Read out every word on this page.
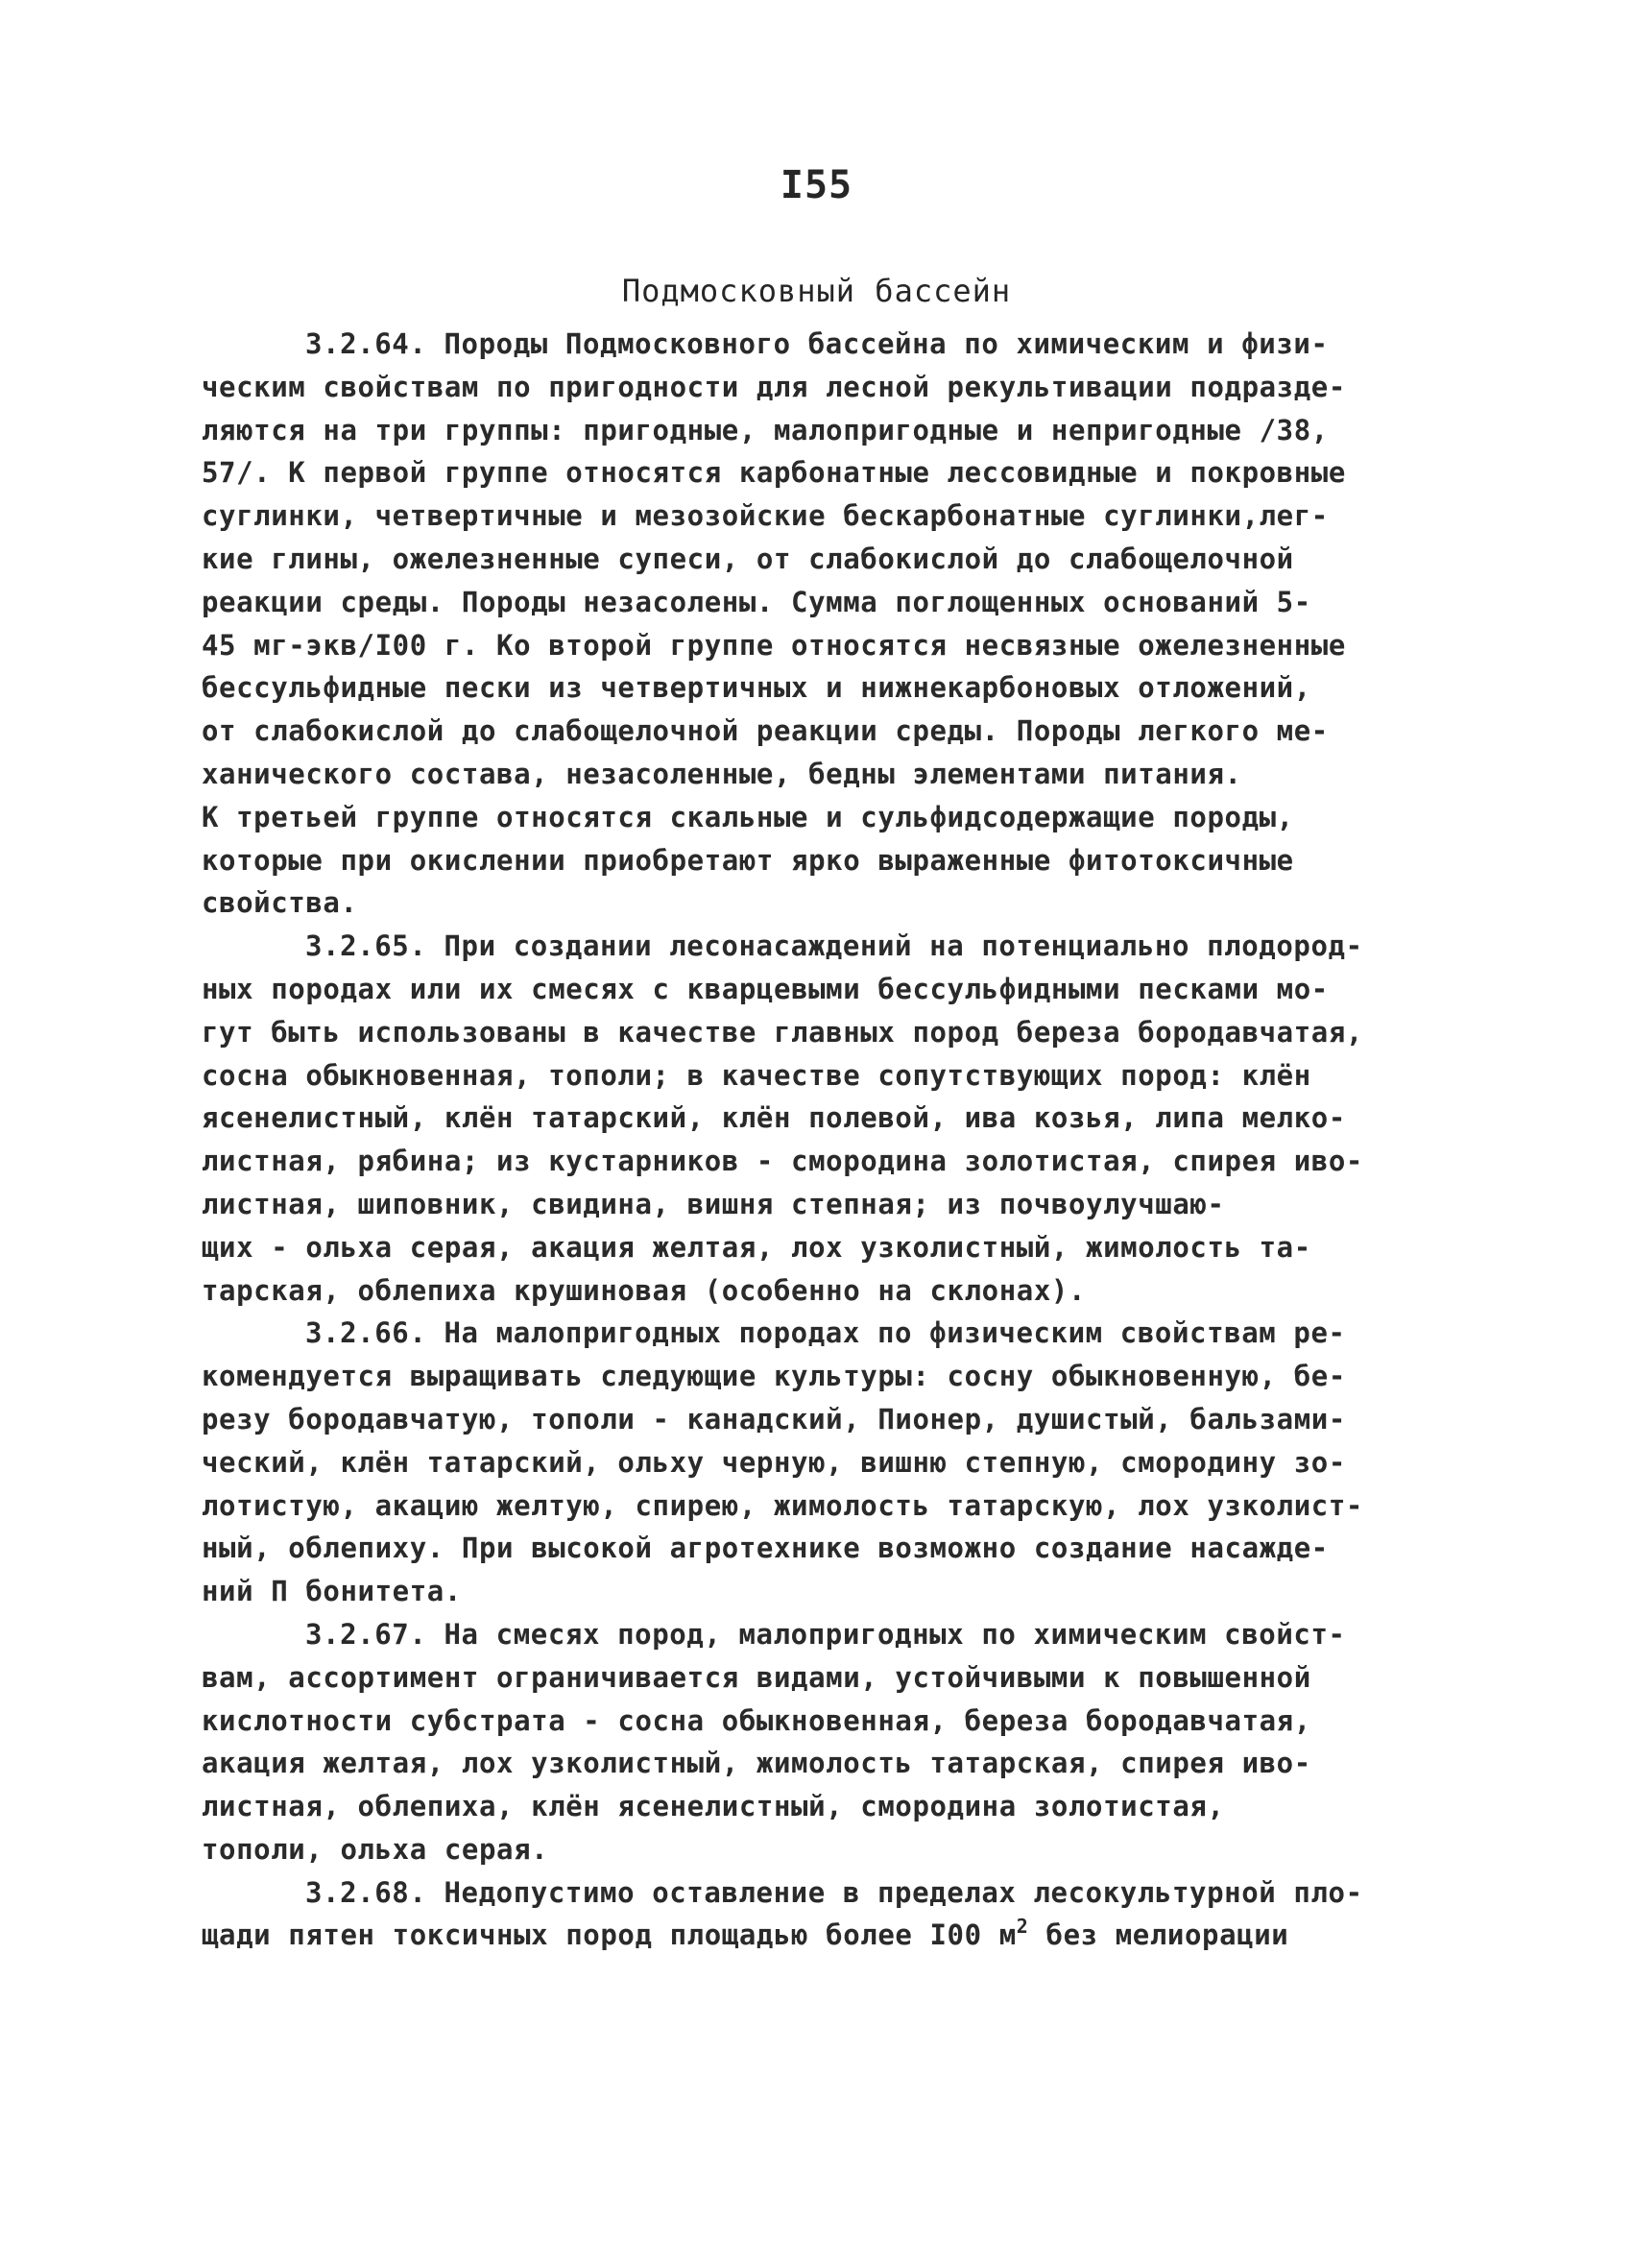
I55
Подмосковный бассейн
3.2.64. Породы Подмосковного бассейна по химическим и физи-
ческим свойствам по пригодности для лесной рекультивации подразде-
ляются на три группы: пригодные, малопригодные и непригодные /38,
57/. К первой группе относятся карбонатные лессовидные и покровные
суглинки, четвертичные и мезозойские бескарбонатные суглинки,лег-
кие глины, ожелезненные супеси, от слабокислой до слабощелочной
реакции среды. Породы незасолены. Сумма поглощенных оснований 5-
45 мг-экв/I00 г. Ко второй группе относятся несвязные ожелезненные
бессульфидные пески из четвертичных и нижнекарбоновых отложений,
от слабокислой до слабощелочной реакции среды. Породы легкого ме-
ханического состава, незасоленные, бедны элементами питания.
К третьей группе относятся скальные и сульфидсодержащие породы,
которые при окислении приобретают ярко выраженные фитотоксичные
свойства.
3.2.65. При создании лесонасаждений на потенциально плодород-
ных породах или их смесях с кварцевыми бессульфидными песками мо-
гут быть использованы в качестве главных пород береза бородавчатая,
сосна обыкновенная, тополи; в качестве сопутствующих пород: клён
ясенелистный, клён татарский, клён полевой, ива козья, липа мелко-
листная, рябина; из кустарников - смородина золотистая, спирея иво-
листная, шиповник, свидина, вишня степная; из почвоулучшаю-
щих - ольха серая, акация желтая, лох узколистный, жимолость та-
тарская, облепиха крушиновая (особенно на склонах).
3.2.66. На малопригодных породах по физическим свойствам ре-
комендуется выращивать следующие культуры: сосну обыкновенную, бе-
резу бородавчатую, тополи - канадский, Пионер, душистый, бальзами-
ческий, клён татарский, ольху черную, вишню степную, смородину зо-
лотистую, акацию желтую, спирею, жимолость татарскую, лох узколист-
ный, облепиху. При высокой агротехнике возможно создание насажде-
ний П бонитета.
3.2.67. На смесях пород, малопригодных по химическим свойст-
вам, ассортимент ограничивается видами, устойчивыми к повышенной
кислотности субстрата - сосна обыкновенная, береза бородавчатая,
акация желтая, лох узколистный, жимолость татарская, спирея иво-
листная, облепиха, клён ясенелистный, смородина золотистая,
тополи, ольха серая.
3.2.68. Недопустимо оставление в пределах лесокультурной пло-
щади пятен токсичных пород площадью более I00 $м^2$ без мелиорации
